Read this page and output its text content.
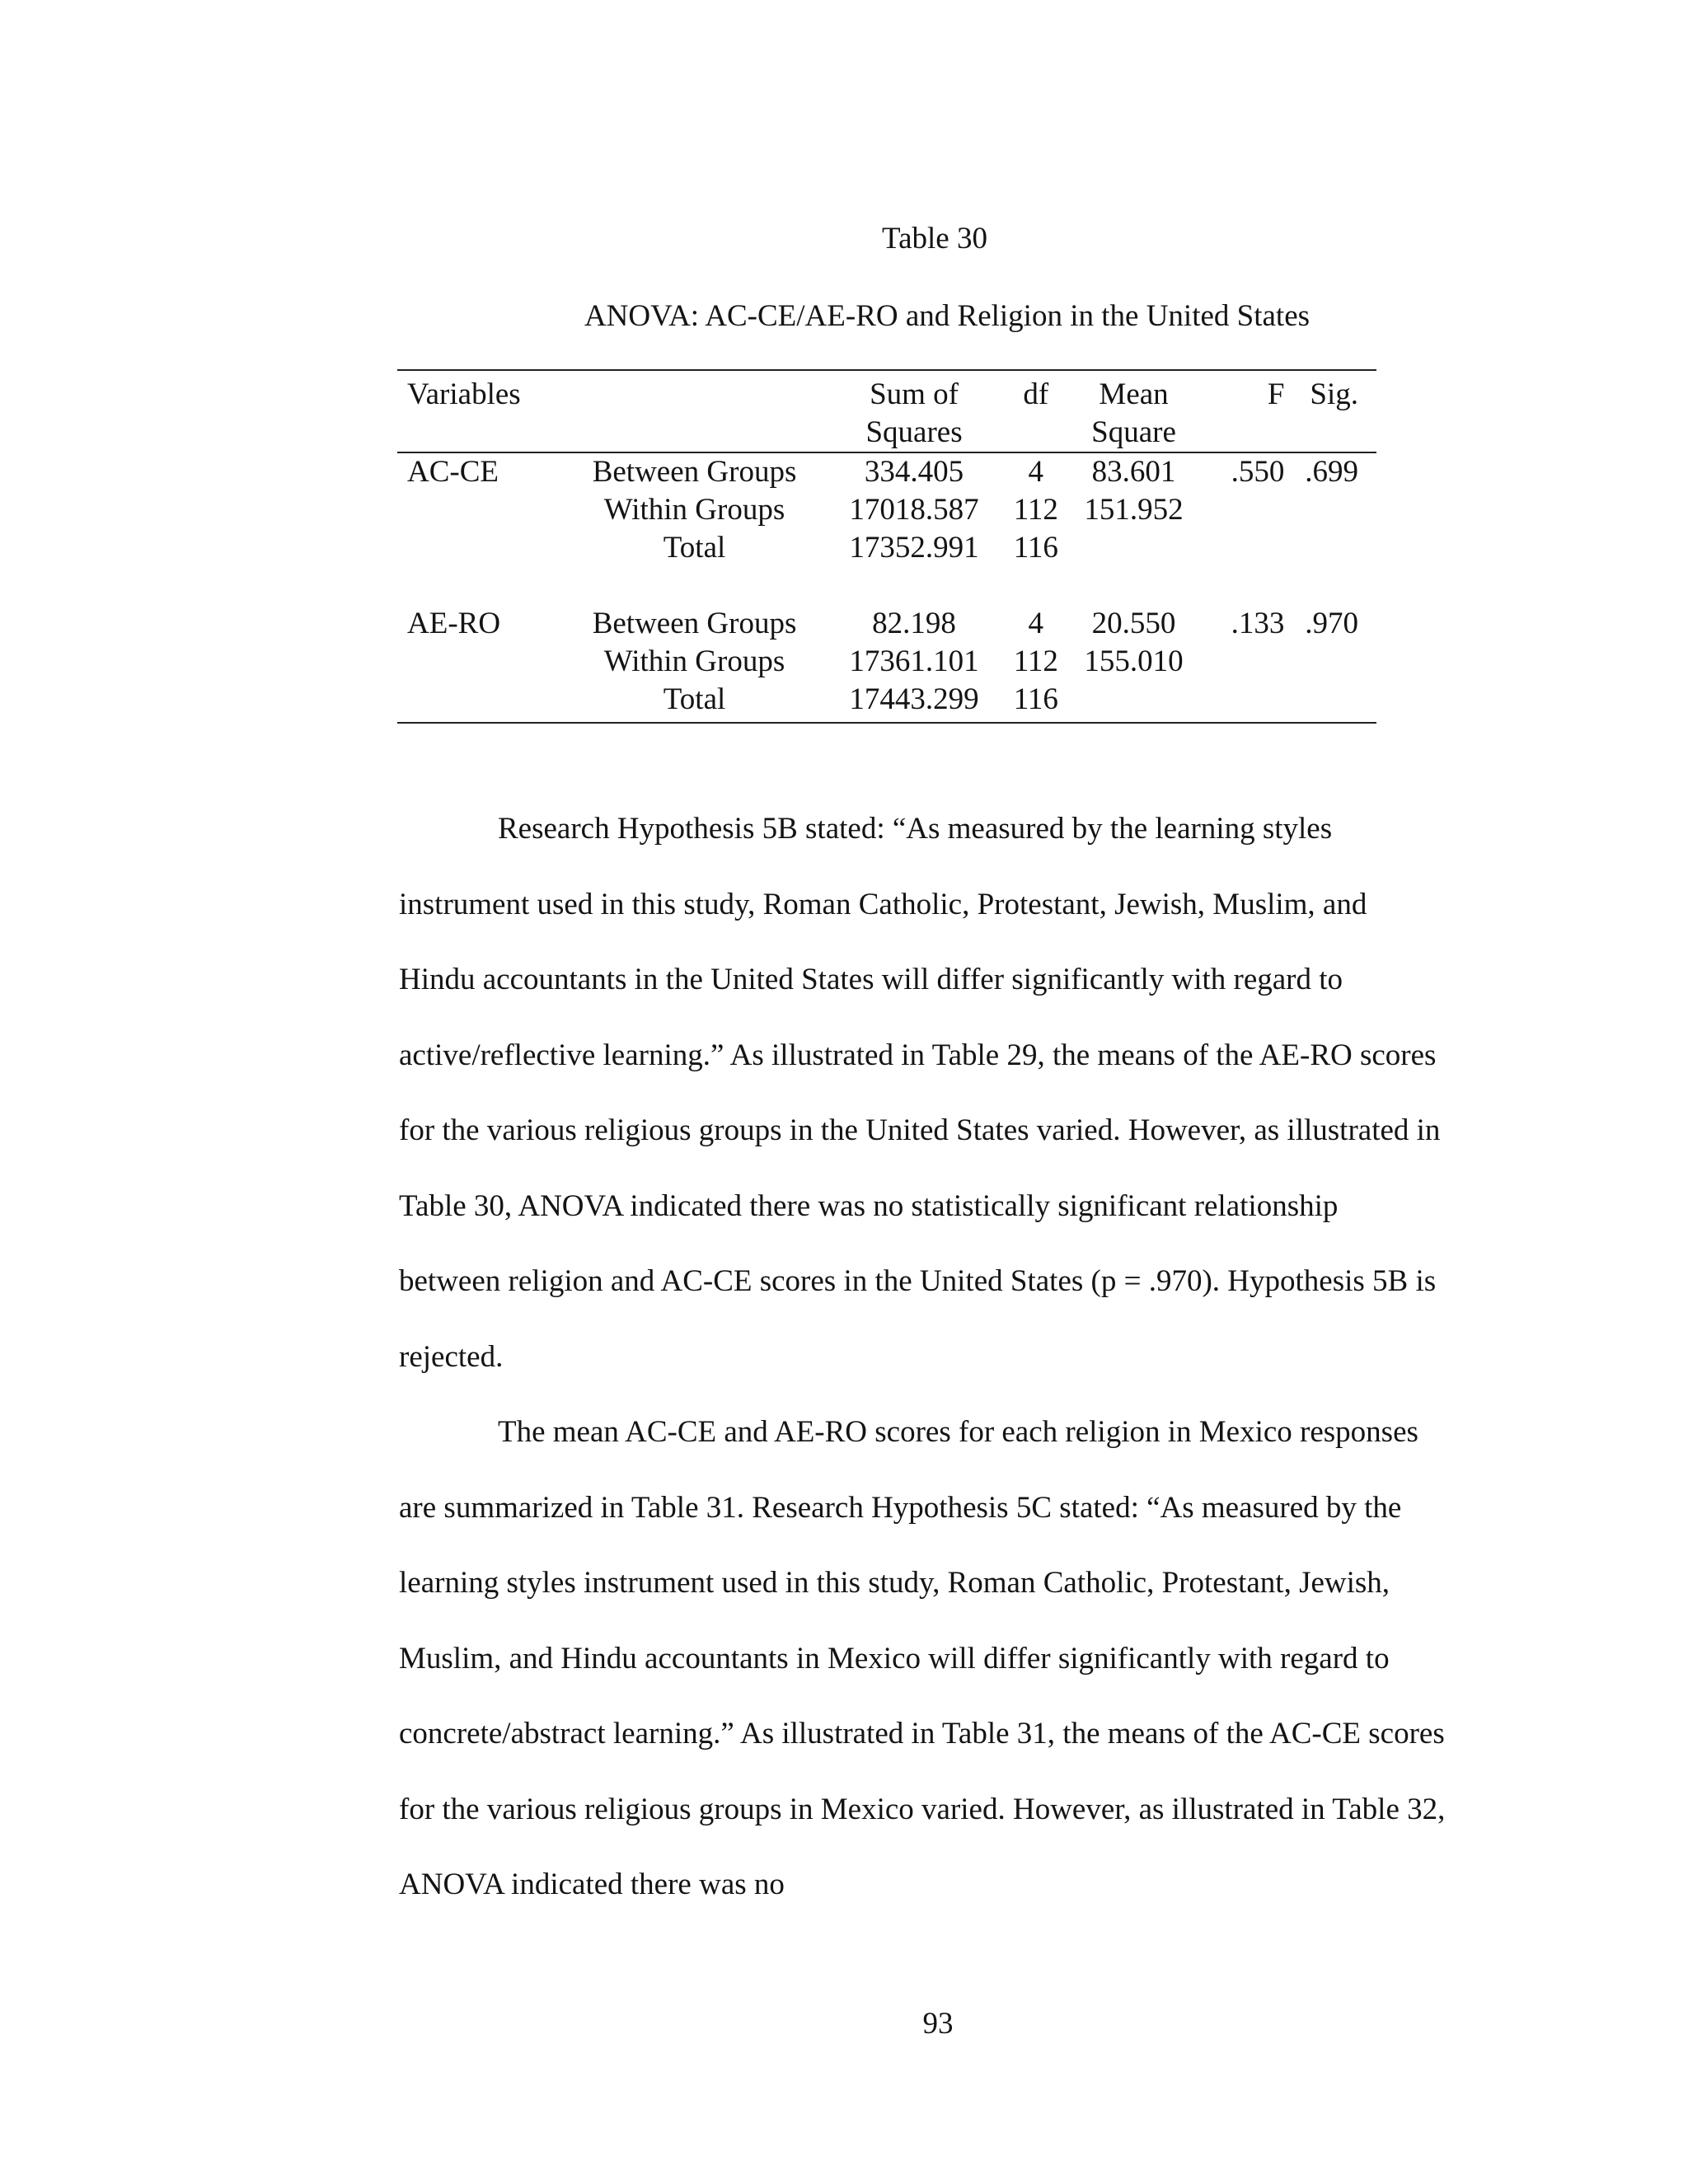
Table 30
ANOVA: AC-CE/AE-RO and Religion in the United States
Variables		Sum of	df	Mean	F	Sig.
		Squares		Square		
AC-CE	Between Groups	334.405	4	83.601	.550	.699
	Within Groups	17018.587	112	151.952		
	Total	17352.991	116			

AE-RO	Between Groups	82.198	4	20.550	.133	.970
	Within Groups	17361.101	112	155.010		
	Total	17443.299	116			

Research Hypothesis 5B stated: “As measured by the learning styles instrument used in this study, Roman Catholic, Protestant, Jewish, Muslim, and Hindu accountants in the United States will differ significantly with regard to active/reflective learning.” As illustrated in Table 29, the means of the AE-RO scores for the various religious groups in the United States varied. However, as illustrated in Table 30, ANOVA indicated there was no statistically significant relationship between religion and AC-CE scores in the United States (p = .970). Hypothesis 5B is rejected.

The mean AC-CE and AE-RO scores for each religion in Mexico responses are summarized in Table 31. Research Hypothesis 5C stated: “As measured by the learning styles instrument used in this study, Roman Catholic, Protestant, Jewish, Muslim, and Hindu accountants in Mexico will differ significantly with regard to concrete/abstract learning.” As illustrated in Table 31, the means of the AC-CE scores for the various religious groups in Mexico varied. However, as illustrated in Table 32, ANOVA indicated there was no

93
